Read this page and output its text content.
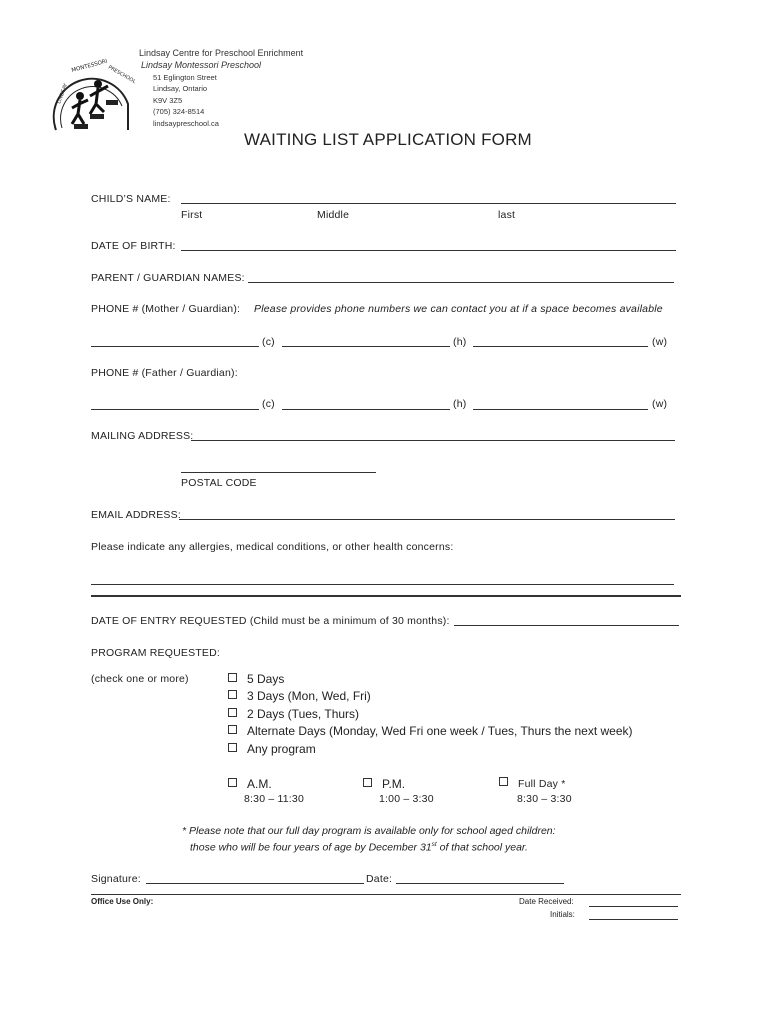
LINDSAY
MONTESSORI
PRESCHOOL
Lindsay Centre for Preschool Enrichment
Lindsay Montessori Preschool
51 Eglington Street
Lindsay, Ontario
K9V 3Z5
(705) 324-8514
lindsaypreschool.ca
WAITING LIST APPLICATION FORM
CHILD’S NAME:
First	Middle	last
DATE OF BIRTH:
PARENT / GUARDIAN NAMES:
PHONE # (Mother / Guardian): Please provides phone numbers we can contact you at if a space becomes available
(c)	(h)	(w)
PHONE # (Father / Guardian):
(c)	(h)	(w)
MAILING ADDRESS:
POSTAL CODE
EMAIL ADDRESS:
Please indicate any allergies, medical conditions, or other health concerns:
DATE OF ENTRY REQUESTED (Child must be a minimum of 30 months):
PROGRAM REQUESTED:
(check one or more)	5 Days
3 Days (Mon, Wed, Fri)
2 Days (Tues, Thurs)
Alternate Days (Monday, Wed Fri one week / Tues, Thurs the next week)
Any program
A.M.
8:30 – 11:30
P.M.
1:00 – 3:30
Full Day *
8:30 – 3:30
* Please note that our full day program is available only for school aged children:
those who will be four years of age by December 31st of that school year.
Signature:	Date:
Office Use Only:	Date Received:
Initials:
